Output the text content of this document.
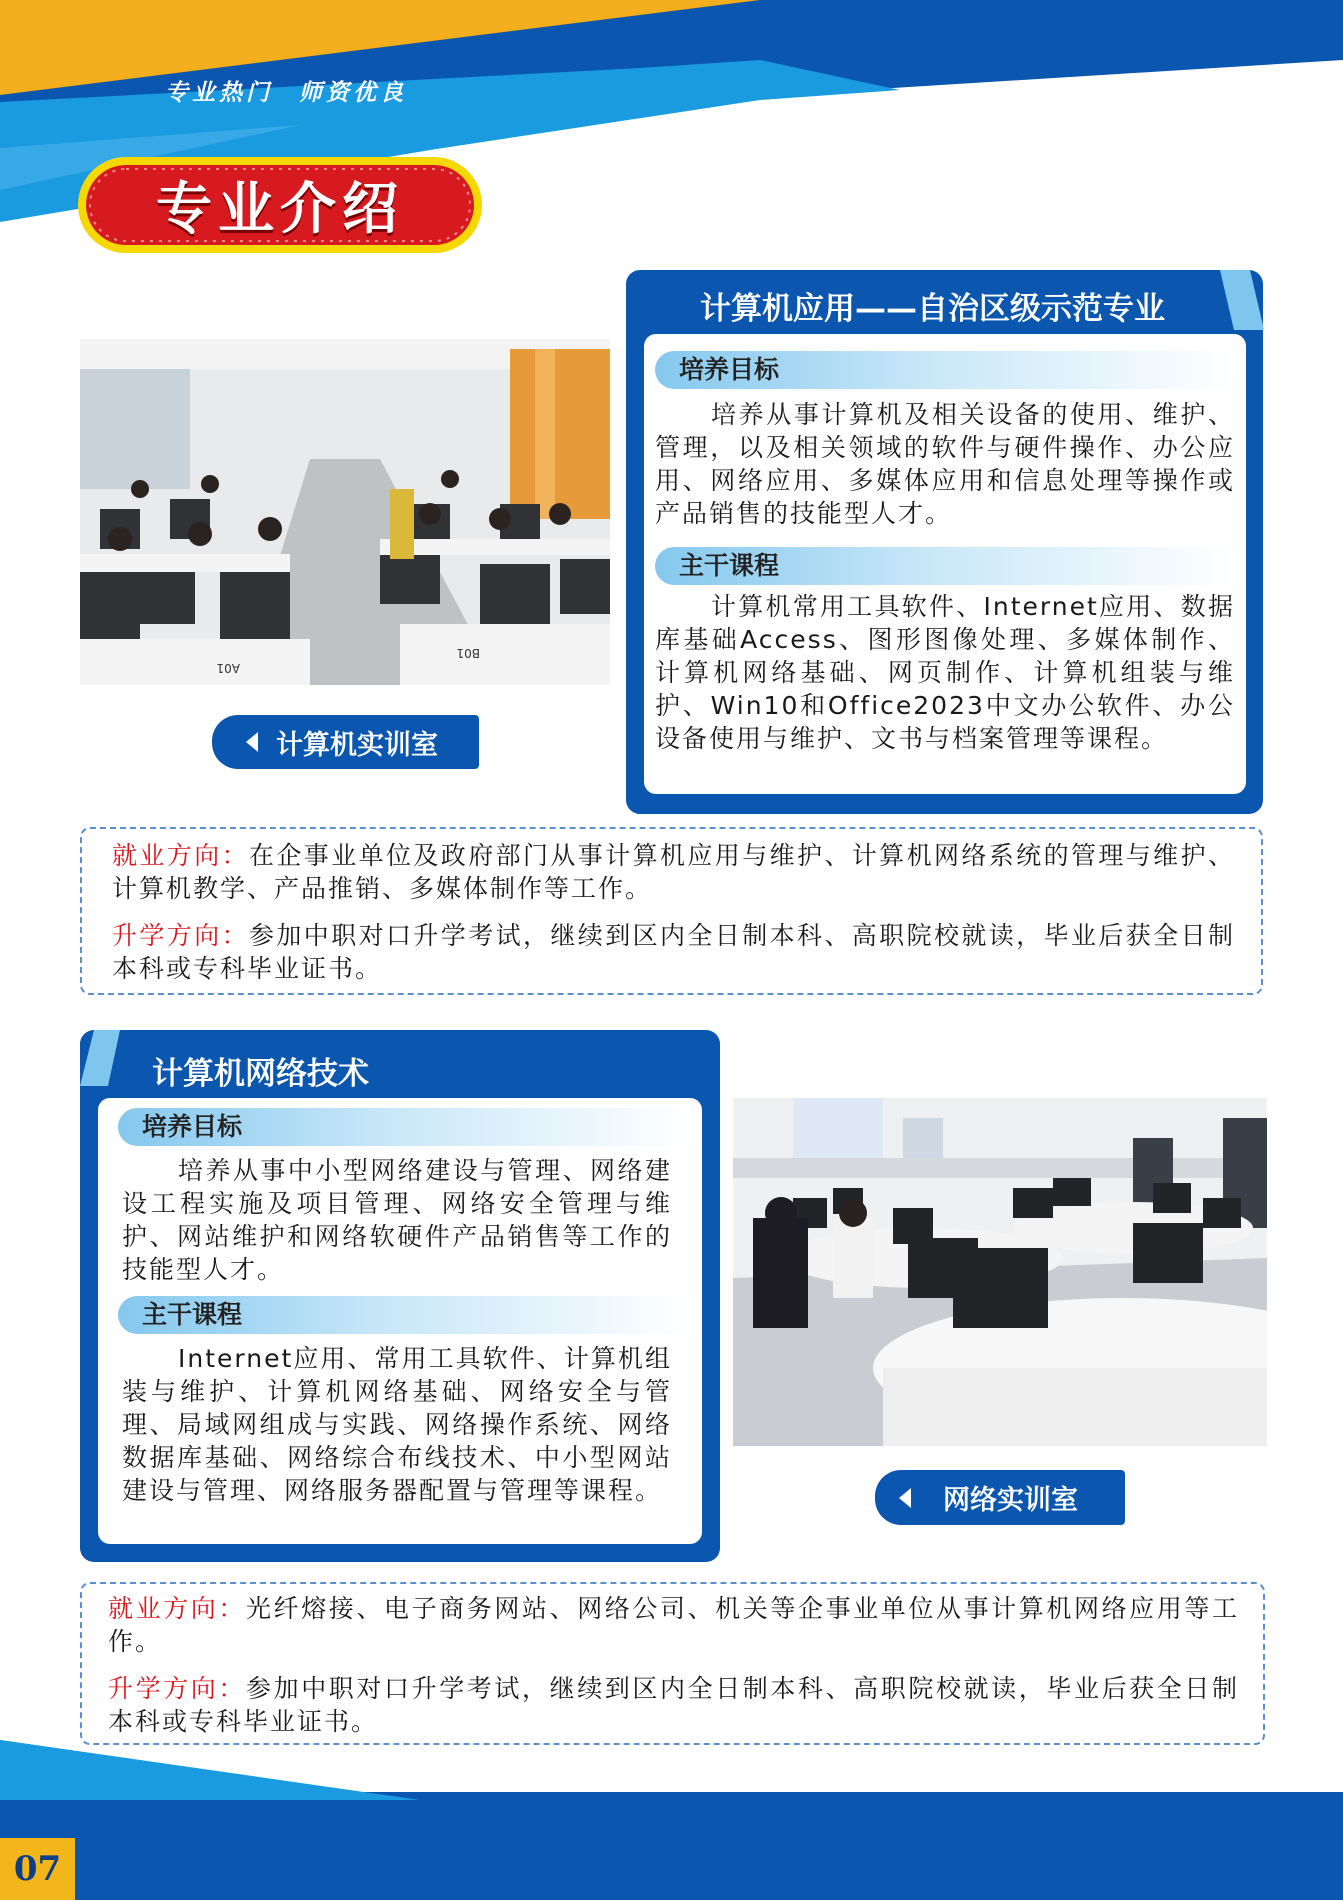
专业热门 师资优良
专业介绍
A01
B01
计算机实训室
计算机应用——自治区级示范专业
培养目标
培养从事计算机及相关设备的使用、维护、管理，以及相关领域的软件与硬件操作、办公应用、网络应用、多媒体应用和信息处理等操作或产品销售的技能型人才。
主干课程
计算机常用工具软件、Internet应用、数据库基础Access、图形图像处理、多媒体制作、计算机网络基础、网页制作、计算机组装与维护、Win10和Office2023中文办公软件、办公设备使用与维护、文书与档案管理等课程。

就业方向：在企事业单位及政府部门从事计算机应用与维护、计算机网络系统的管理与维护、计算机教学、产品推销、多媒体制作等工作。

升学方向：参加中职对口升学考试，继续到区内全日制本科、高职院校就读，毕业后获全日制本科或专科毕业证书。

计算机网络技术
培养目标
培养从事中小型网络建设与管理、网络建设工程实施及项目管理、网络安全管理与维护、网站维护和网络软硬件产品销售等工作的技能型人才。
主干课程
Internet应用、常用工具软件、计算机组装与维护、计算机网络基础、网络安全与管理、局域网组成与实践、网络操作系统、网络数据库基础、网络综合布线技术、中小型网站建设与管理、网络服务器配置与管理等课程。	网络实训室

就业方向：光纤熔接、电子商务网站、网络公司、机关等企事业单位从事计算机网络应用等工作。

升学方向：参加中职对口升学考试，继续到区内全日制本科、高职院校就读，毕业后获全日制本科或专科毕业证书。

07
